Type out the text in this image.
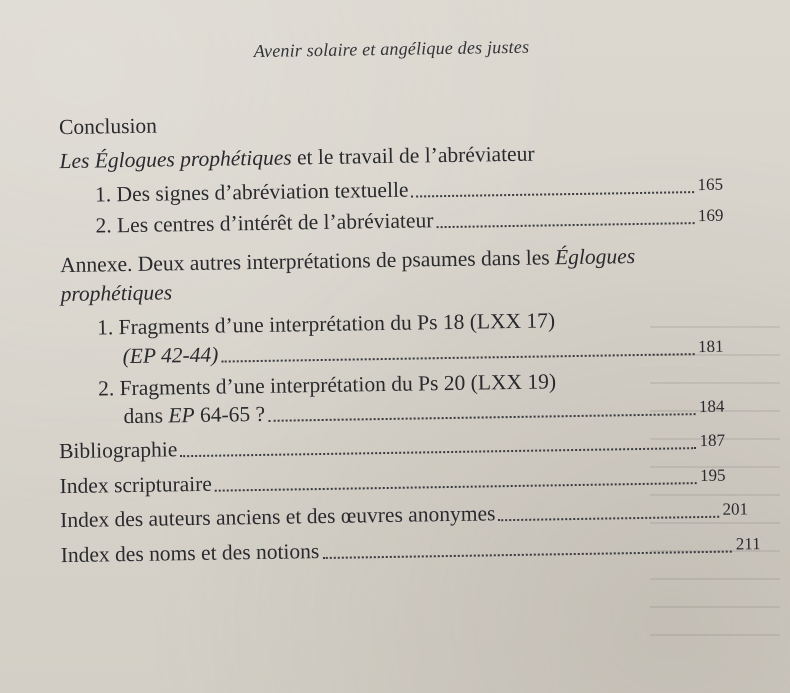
Avenir solaire et angélique des justes
Conclusion
Les Églogues prophétiques et le travail de l’abréviateur
1. Des signes d’abréviation textuelle	165
2. Les centres d’intérêt de l’abréviateur	169
Annexe. Deux autres interprétations de psaumes dans les Églogues
prophétiques
1. Fragments d’une interprétation du Ps 18 (LXX 17)
(EP 42-44)	181
2. Fragments d’une interprétation du Ps 20 (LXX 19)
dans EP 64-65 ?	184
Bibliographie	187
Index scripturaire	195
Index des auteurs anciens et des œuvres anonymes	201
Index des noms et des notions	211
